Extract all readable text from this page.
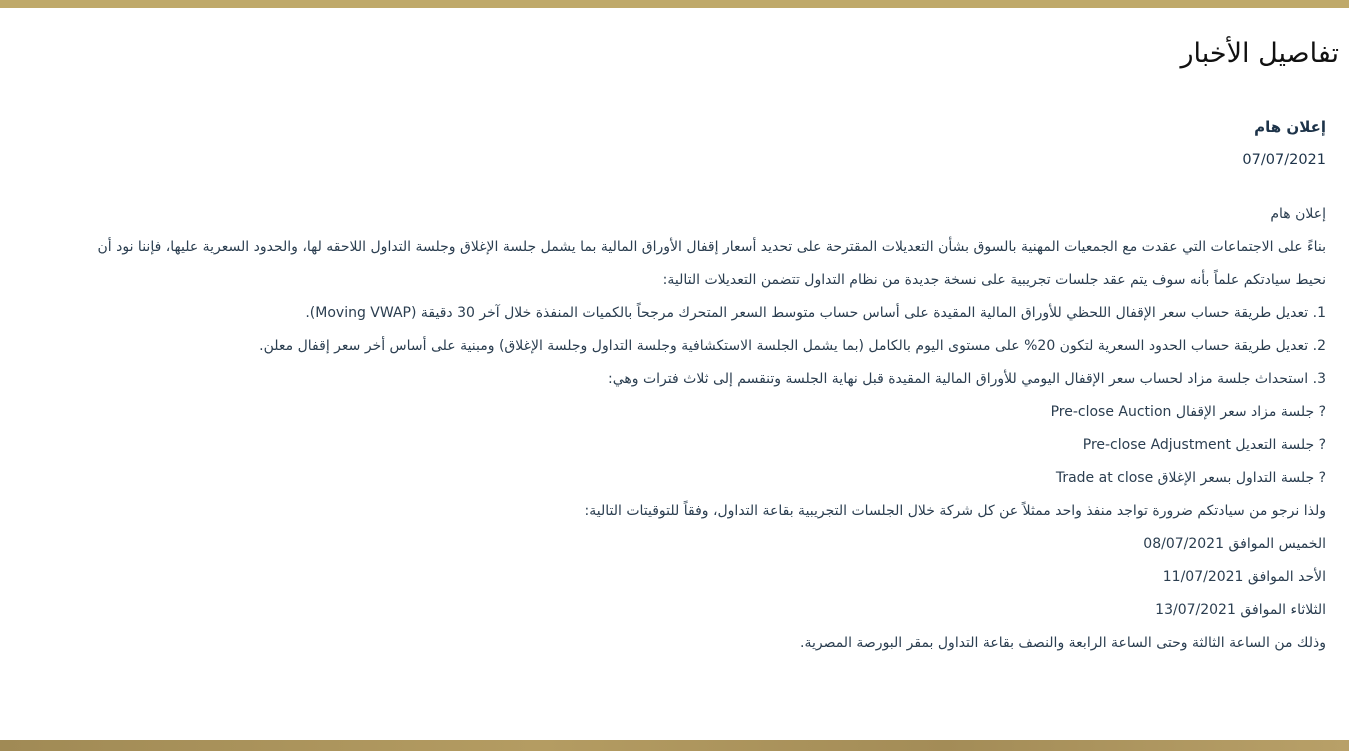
تفاصيل الأخبار
إعلان هام
07/07/2021
إعلان هام
بناءً على الاجتماعات التي عقدت مع الجمعيات المهنية بالسوق بشأن التعديلات المقترحة على تحديد أسعار إقفال الأوراق المالية بما يشمل جلسة الإغلاق وجلسة التداول اللاحقه لها، والحدود السعرية عليها، فإننا نود أن نحيط سيادتكم علماً بأنه سوف يتم عقد جلسات تجريبية على نسخة جديدة من نظام التداول تتضمن التعديلات التالية:
1. تعديل طريقة حساب سعر الإقفال اللحظي للأوراق المالية المقيدة على أساس حساب متوسط السعر المتحرك مرجحاً بالكميات المنفذة خلال آخر 30 دقيقة (Moving VWAP).
2. تعديل طريقة حساب الحدود السعرية لتكون 20% على مستوى اليوم بالكامل (بما يشمل الجلسة الاستكشافية وجلسة التداول وجلسة الإغلاق) ومبنية على أساس أخر سعر إقفال معلن.
3. استحداث جلسة مزاد لحساب سعر الإقفال اليومي للأوراق المالية المقيدة قبل نهاية الجلسة وتنقسم إلى ثلاث فترات وهي:
? جلسة مزاد سعر الإقفال Pre-close Auction
? جلسة التعديل Pre-close Adjustment
? جلسة التداول بسعر الإغلاق Trade at close
ولذا نرجو من سيادتكم ضرورة تواجد منفذ واحد ممثلاً عن كل شركة خلال الجلسات التجريبية بقاعة التداول، وفقاً للتوقيتات التالية:
الخميس الموافق 08/07/2021
الأحد الموافق 11/07/2021
الثلاثاء الموافق 13/07/2021
وذلك من الساعة الثالثة وحتى الساعة الرابعة والنصف بقاعة التداول بمقر البورصة المصرية.
